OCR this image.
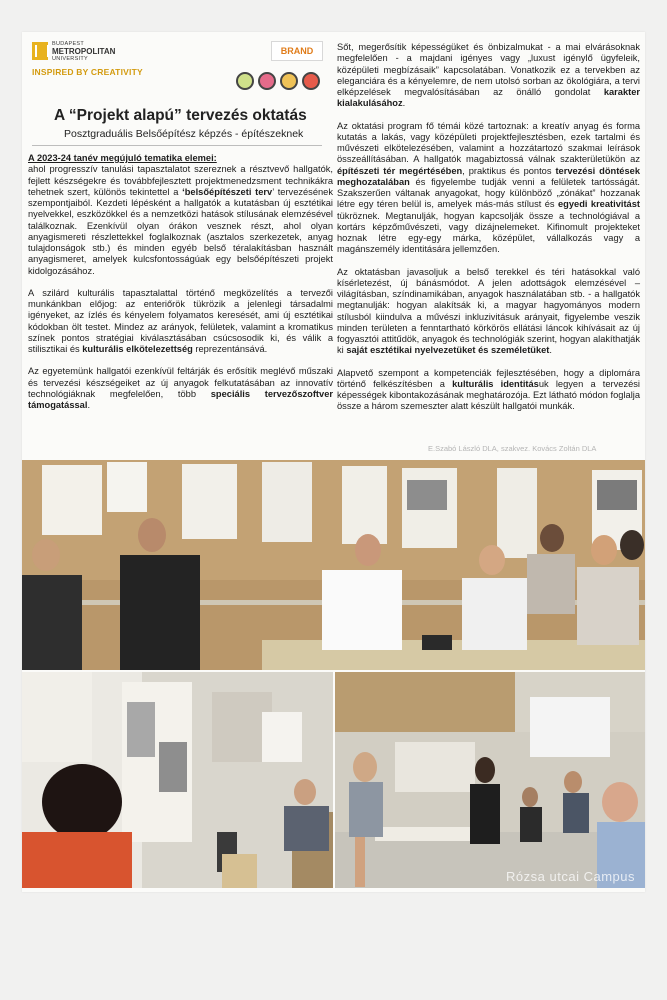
BUDAPEST
METROPOLITAN
UNIVERSITY
INSPIRED BY CREATIVITY
BRAND
A “Projekt alapú” tervezés oktatás
Posztgraduális Belsőépítész képzés - építészeknek

A 2023-24 tanév megújuló tematika elemei:
ahol progresszív tanulási tapasztalatot szereznek a résztvevő hallgatók, fejlett készségekre és továbbfejlesztett projektmenedzsment technikákra tehetnek szert, különös tekintettel a ‘belsőépítészeti terv’ tervezésének szempontjaiból. Kezdeti lépésként a hallgatók a kutatásban új esztétikai nyelvekkel, eszközökkel és a nemzetközi hatások stílusának elemzésével találkoznak. Ezenkívül olyan órákon vesznek részt, ahol olyan anyagismereti részlettekkel foglalkoznak (asztalos szerkezetek, anyag tulajdonságok stb.) és minden egyéb belső téralakításban használt anyagismeret, amelyek kulcsfontosságúak egy belsőépítészeti projekt kidolgozásához.

A szilárd kulturális tapasztalattal történő megközelítés a tervezői munkánkban előjog: az enteriőrök tükrözik a jelenlegi társadalmi igényeket, az ízlés és kényelem folyamatos keresését, ami új esztétikai kódokban ölt testet. Mindez az arányok, felületek, valamint a kromatikus színek pontos stratégiai kiválasztásában csúcsosodik ki, és válik a stilisztikai és kulturális elkötelezettség reprezentánsává.

Az egyetemünk hallgatói ezenkívül feltárják és erősítik meglévő műszaki és tervezési készségeiket az új anyagok felkutatásában az innovatív technológiáknak megfelelően, több speciális tervezőszoftver támogatással.

Sőt, megerősítik képességüket és önbizalmukat - a mai elvárásoknak megfelelően - a majdani igényes vagy „luxust igénylő ügyfeleik, középületi megbízásaik” kapcsolatában. Vonatkozik ez a tervekben az eleganciára és a kényelemre, de nem utolsó sorban az ökológiára, a tervi elképzelések megvalósításában az önálló gondolat karakter kialakulásához.

Az oktatási program fő témái közé tartoznak: a kreatív anyag és forma kutatás a lakás, vagy középületi projektfejlesztésben, ezek tartalmi és művészeti elkötelezésében, valamint a hozzátartozó szakmai leírások összeállításában. A hallgatók magabiztossá válnak szakterületükön az építészeti tér megértésében, praktikus és pontos tervezési döntések meghozatalában és figyelembe tudják venni a felületek tartósságát. Szakszerűen váltanak anyagokat, hogy különböző „zónákat” hozzanak létre egy téren belül is, amelyek más-más stílust és egyedi kreativitást tükröznek. Megtanulják, hogyan kapcsolják össze a technológiával a kortárs képzőművészeti, vagy dizájnelemeket. Kifinomult projekteket hoznak létre egy-egy márka, középület, vállalkozás vagy a magánszemély identitására jellemzően.

Az oktatásban javasoljuk a belső terekkel és téri hatásokkal való kísérletezést, új bánásmódot. A jelen adottságok elemzésével – világításban, színdinamikában, anyagok használatában stb. - a hallgatók megtanulják: hogyan alakítsák ki, a magyar hagyományos modern stílusból kiindulva a művészi inkluzivitásuk arányait, figyelembe veszik minden területen a fenntartható körkörös ellátási láncok kihívásait az új fogyasztói attitűdök, anyagok és technológiák szerint, hogyan alakíthatják ki saját esztétikai nyelvezetüket és személetüket.

Alapvető szempont a kompetenciák fejlesztésében, hogy a diplomára történő felkészítésben a kulturális identitásuk legyen a tervezési képességek kibontakozásának meghatározója. Ezt látható módon foglalja össze a három szemeszter alatt készült hallgatói munkák.

E.Szabó László DLA, szakvez. Kovács Zoltán DLA
Rózsa utcai Campus
